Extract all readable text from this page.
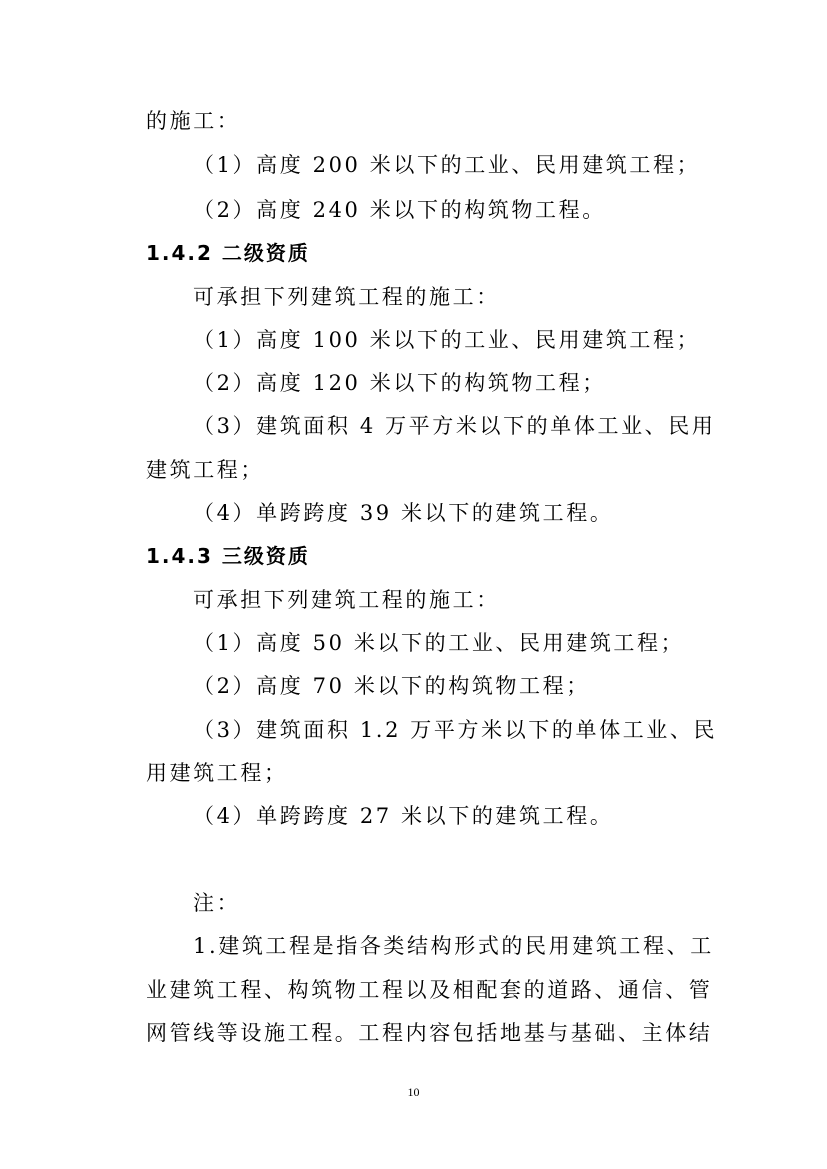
的施工：
（1）高度 200 米以下的工业、民用建筑工程；
（2）高度 240 米以下的构筑物工程。
1.4.2 二级资质
可承担下列建筑工程的施工：
（1）高度 100 米以下的工业、民用建筑工程；
（2）高度 120 米以下的构筑物工程；
（3）建筑面积 4 万平方米以下的单体工业、民用
建筑工程；
（4）单跨跨度 39 米以下的建筑工程。
1.4.3 三级资质
可承担下列建筑工程的施工：
（1）高度 50 米以下的工业、民用建筑工程；
（2）高度 70 米以下的构筑物工程；
（3）建筑面积 1.2 万平方米以下的单体工业、民
用建筑工程；
（4）单跨跨度 27 米以下的建筑工程。
注：
1.建筑工程是指各类结构形式的民用建筑工程、工
业建筑工程、构筑物工程以及相配套的道路、通信、管
网管线等设施工程。工程内容包括地基与基础、主体结
10
